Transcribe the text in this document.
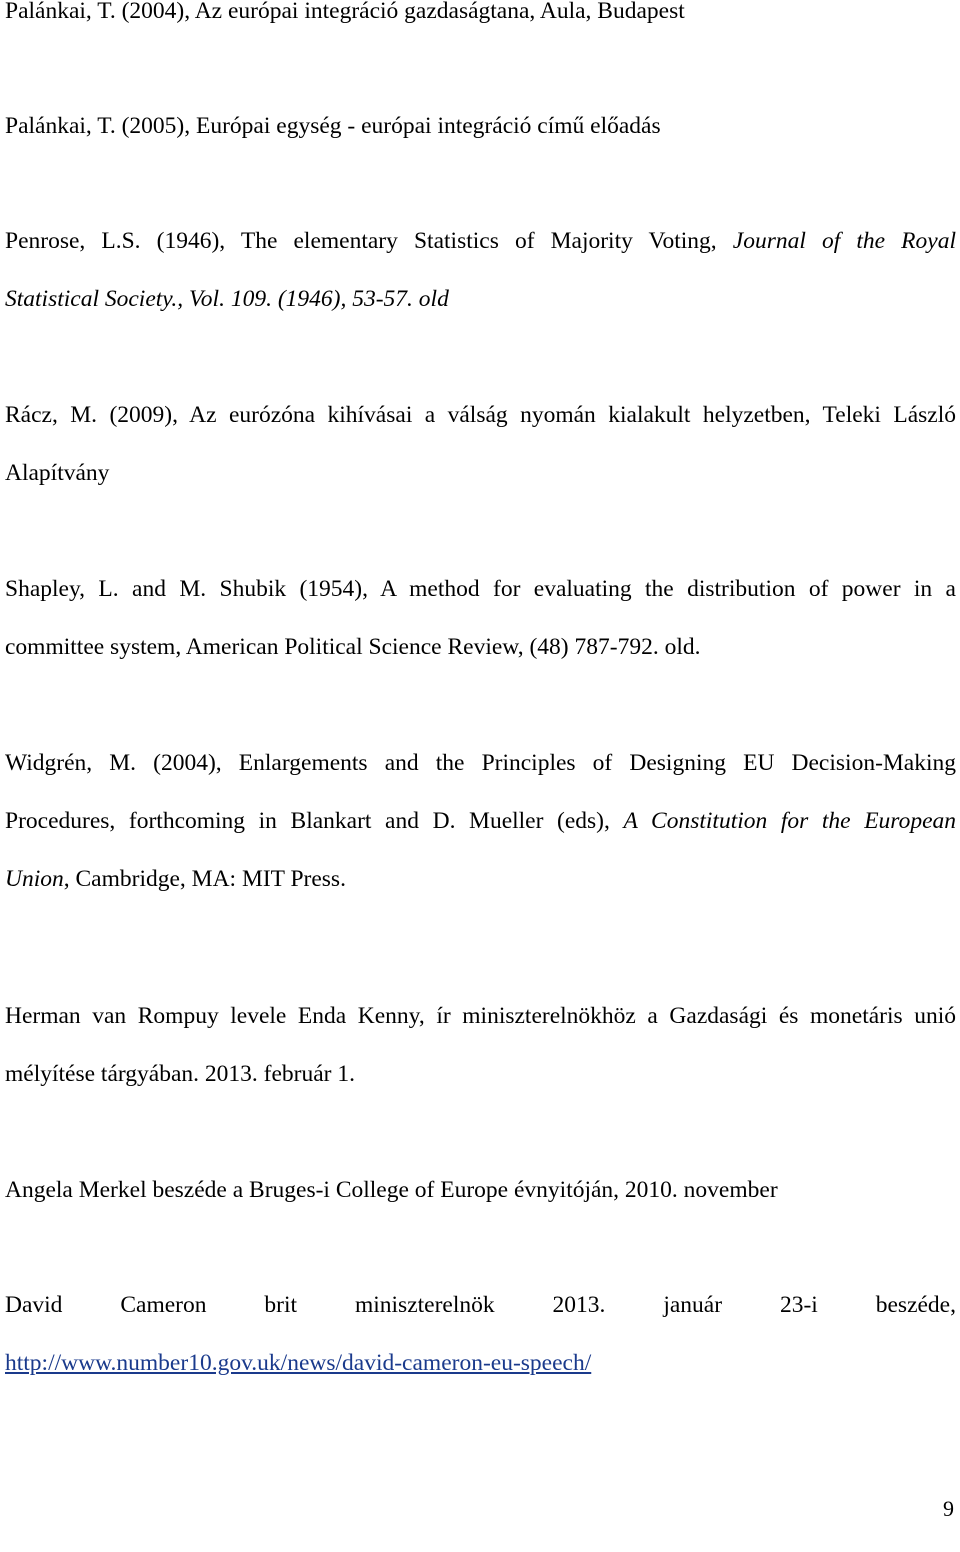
Palánkai, T. (2004), Az európai integráció gazdaságtana, Aula, Budapest
Palánkai, T. (2005), Európai egység - európai integráció című előadás
Penrose, L.S. (1946), The elementary Statistics of Majority Voting, Journal of the Royal
Statistical Society., Vol. 109. (1946), 53-57. old
Rácz, M. (2009), Az eurózóna kihívásai a válság nyomán kialakult helyzetben, Teleki László
Alapítvány
Shapley, L. and M. Shubik (1954), A method for evaluating the distribution of power in a
committee system, American Political Science Review, (48) 787-792. old.
Widgrén, M. (2004), Enlargements and the Principles of Designing EU Decision-Making
Procedures, forthcoming in Blankart and D. Mueller (eds), A Constitution for the European
Union, Cambridge, MA: MIT Press.
Herman van Rompuy levele Enda Kenny, ír miniszterelnökhöz a Gazdasági és monetáris unió
mélyítése tárgyában. 2013. február 1.
Angela Merkel beszéde a Bruges-i College of Europe évnyitóján, 2010. november
David Cameron brit miniszterelnök 2013. január 23-i beszéde,
http://www.number10.gov.uk/news/david-cameron-eu-speech/
9
